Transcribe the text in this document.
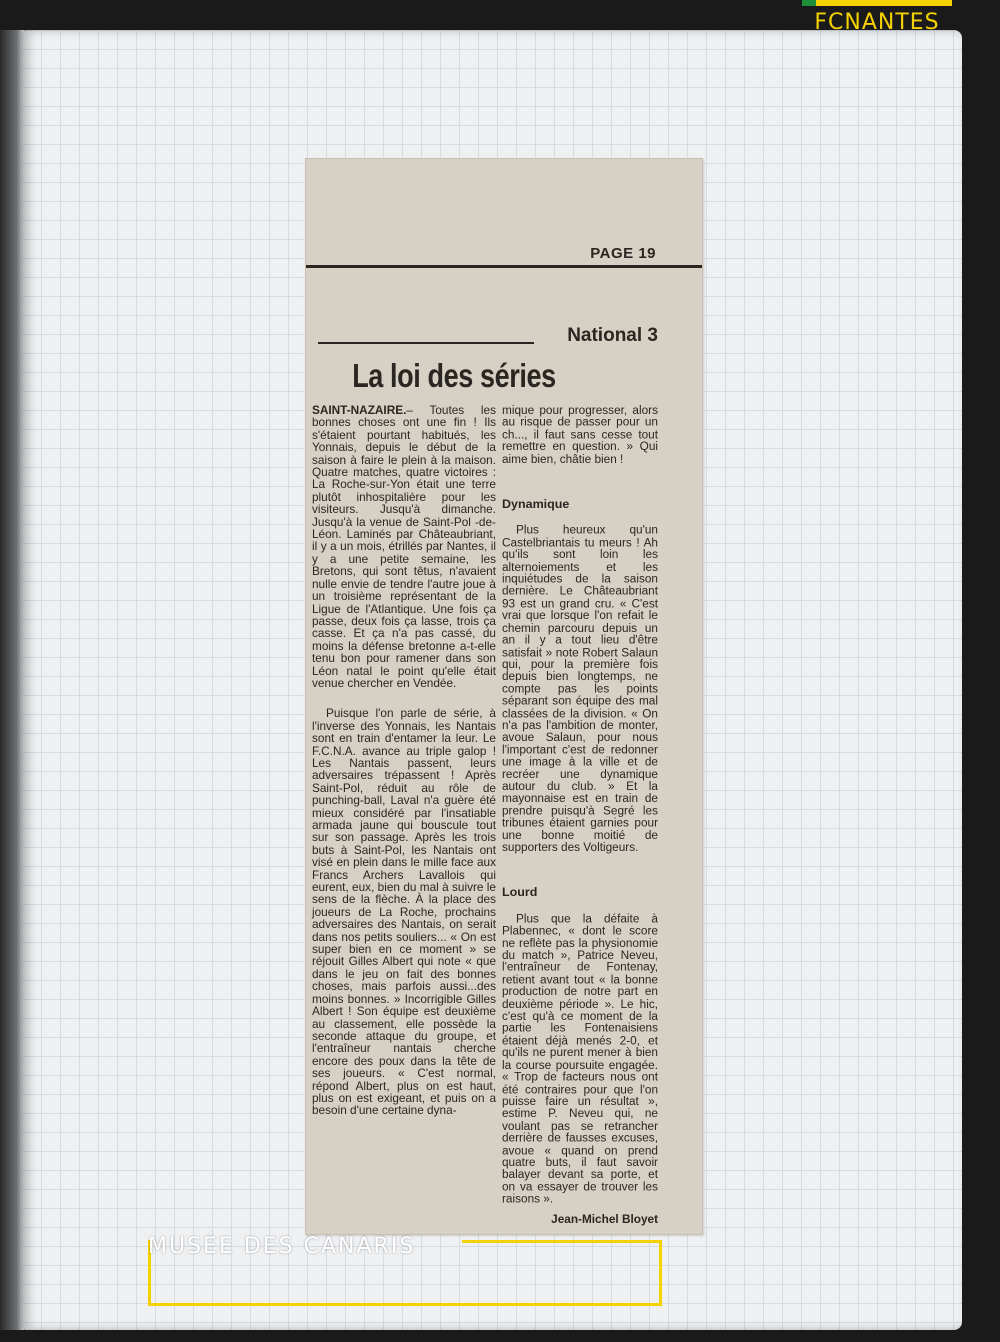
FCNANTES
PAGE 19
National 3
La loi des séries

SAINT-NAZAIRE.– Toutes les bonnes choses ont une fin ! Ils s'étaient pourtant habitués, les Yonnais, depuis le début de la saison à faire le plein à la maison. Quatre matches, quatre victoires : La Roche-sur-Yon était une terre plutôt inhospitalière pour les visiteurs. Jusqu'à dimanche. Jusqu'à la venue de Saint-Pol -de-Léon. Laminés par Châteaubriant, il y a un mois, étrillés par Nantes, il y a une petite semaine, les Bretons, qui sont têtus, n'avaient nulle envie de tendre l'autre joue à un troisième représentant de la Ligue de l'Atlantique. Une fois ça passe, deux fois ça lasse, trois ça casse. Et ça n'a pas cassé, du moins la défense bretonne a-t-elle tenu bon pour ramener dans son Léon natal le point qu'elle était venue chercher en Vendée.

Puisque l'on parle de série, à l'inverse des Yonnais, les Nantais sont en train d'entamer la leur. Le F.C.N.A. avance au triple galop ! Les Nantais passent, leurs adversaires trépassent ! Après Saint-Pol, réduit au rôle de punching-ball, Laval n'a guère été mieux considéré par l'insatiable armada jaune qui bouscule tout sur son passage. Après les trois buts à Saint-Pol, les Nantais ont visé en plein dans le mille face aux Francs Archers Lavallois qui eurent, eux, bien du mal à suivre le sens de la flèche. À la place des joueurs de La Roche, prochains adversaires des Nantais, on serait dans nos petits souliers... « On est super bien en ce moment » se réjouit Gilles Albert qui note « que dans le jeu on fait des bonnes choses, mais parfois aussi...des moins bonnes. » Incorrigible Gilles Albert ! Son équipe est deuxième au classement, elle possède la seconde attaque du groupe, et l'entraîneur nantais cherche encore des poux dans la tête de ses joueurs. « C'est normal, répond Albert, plus on est haut, plus on est exigeant, et puis on a besoin d'une certaine dyna-

mique pour progresser, alors au risque de passer pour un ch..., il faut sans cesse tout remettre en question. » Qui aime bien, châtie bien !

Dynamique

Plus heureux qu'un Castelbriantais tu meurs ! Ah qu'ils sont loin les alternoiements et les inquiétudes de la saison dernière. Le Châteaubriant 93 est un grand cru. « C'est vrai que lorsque l'on refait le chemin parcouru depuis un an il y a tout lieu d'être satisfait » note Robert Salaun qui, pour la première fois depuis bien longtemps, ne compte pas les points séparant son équipe des mal classées de la division. « On n'a pas l'ambition de monter, avoue Salaun, pour nous l'important c'est de redonner une image à la ville et de recréer une dynamique autour du club. » Et la mayonnaise est en train de prendre puisqu'à Segré les tribunes étaient garnies pour une bonne moitié de supporters des Voltigeurs.

Lourd

Plus que la défaite à Plabennec, « dont le score ne reflète pas la physionomie du match », Patrice Neveu, l'entraîneur de Fontenay, retient avant tout « la bonne production de notre part en deuxième période ». Le hic, c'est qu'à ce moment de la partie les Fontenaisiens étaient déjà menés 2-0, et qu'ils ne purent mener à bien la course poursuite engagée. « Trop de facteurs nous ont été contraires pour que l'on puisse faire un résultat », estime P. Neveu qui, ne voulant pas se retrancher derrière de fausses excuses, avoue « quand on prend quatre buts, il faut savoir balayer devant sa porte, et on va essayer de trouver les raisons ».

Jean-Michel Bloyet
MUSÉE DES CANARIS
